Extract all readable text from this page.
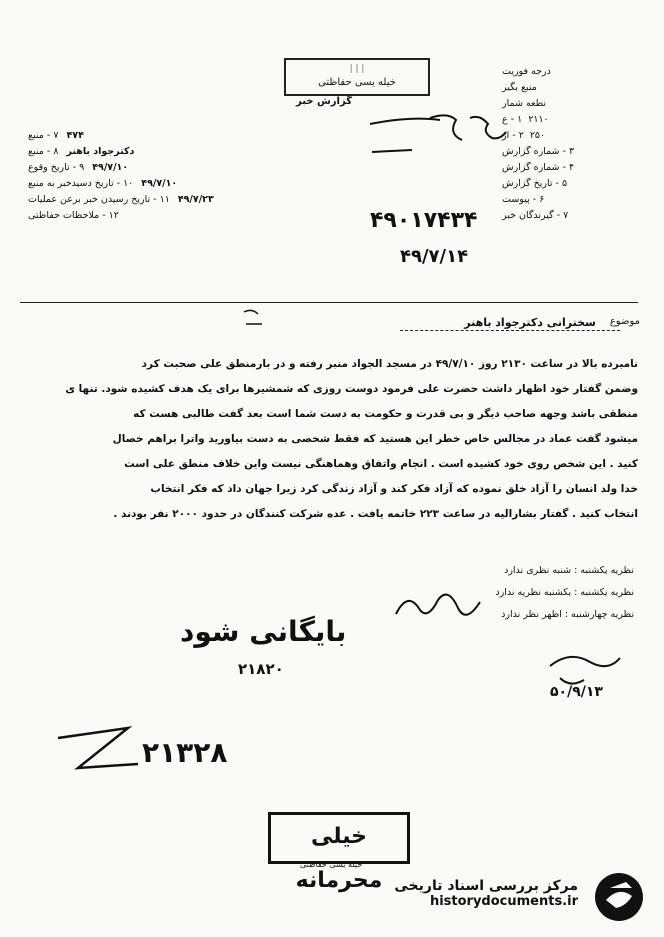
| | |
خیله یسی حفاظتی
گزارش خبر
درجه فوریت
منبع بگیر
نطعه شمار
۲۱۱۰
۱ - ع
۲۵۰
۲ - از
۳ - شماره گزارش
۴ - شماره گزارش
۵ - تاریخ گزارش
۶ - پیوست
۷ - گیرندگان خبر
۴۷۴
۷ - منبع
دکترجواد باهنر
۸ - منبع
۴۹/۷/۱۰
۹ - تاریخ وقوع
۴۹/۷/۱۰
۱۰ - تاریخ دسیدخبر به منبع
۴۹/۷/۲۳
۱۱ - تاریخ رسیدن خبر برعن عملیات
۱۲ - ملاحظات حفاظتی	۴۹۰۱۷۴۳۴
۴۹/۷/۱۴
موضوع
سخنرانی دکترجواد باهنر
نامبرده بالا در ساعت ۲۱۳۰ روز ۴۹/۷/۱۰ در مسجد الجواد منبر رفته و در بارمنطق علی صحبت کرد
وضمن گفتار خود اظهار داشت حضرت علی فرمود دوست روزی که شمشیرها برای یک هدف کشیده شود. تنها ی
منطقی باشد وجهه صاحب دیگر و بی قدرت و حکومت به دست شما است بعد گفت طالبی هست که
میشود گفت عماد در مجالس خاص خطر این هستید که فقط شخصی به دست بیاورید واترا براهم خصال
کنید . این شخص روی خود کشیده است . انجام واتفاق وهماهنگی نیست واین خلاف منطق علی است
خدا ولد انسان را آزاد خلق نموده که آزاد فکر کند و آزاد زندگی کرد زیرا جهان داد که فکر انتخاب
انتخاب کنید . گفتار بشارالیه در ساعت ۲۲۳ خاتمه یافت . عده شرکت کنندگان در حدود ۲۰۰۰ نفر بودند .
نظریه یکشنبه : شنبه نظری ندارد
نظریه یکشنبه : یکشنبه نظریه ندارد
نظریه چهارشنبه : اظهر نظر ندارد
بایگانی شود
۲۱۸۲۰
۵۰/۹/۱۳
۲۱۳۲۸
خیلی محرمانه
خیله یسی حفاظتی
مرکز بررسی اسناد تاریخی
historydocuments.ir
